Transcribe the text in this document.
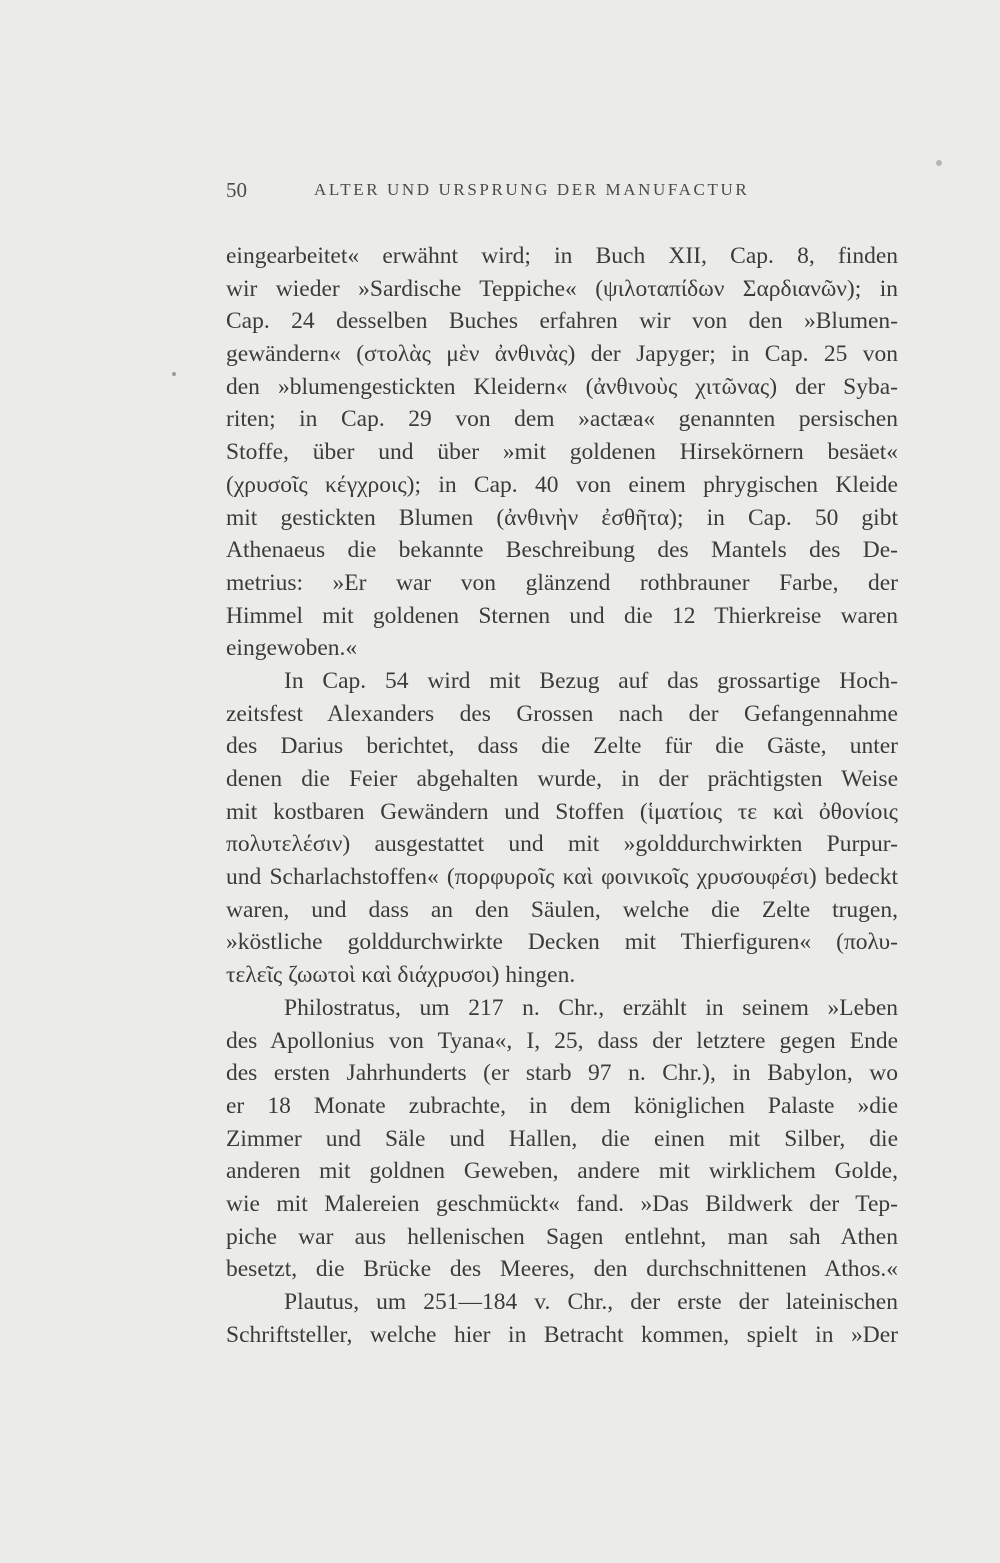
50	ALTER UND URSPRUNG DER MANUFACTUR
eingearbeitet« erwähnt wird; in Buch XII, Cap. 8, finden
wir wieder »Sardische Teppiche« (ψιλοταπίδων Σαρδιανῶν); in
Cap. 24 desselben Buches erfahren wir von den »Blumen-
gewändern« (στολὰς μὲν ἀνθινὰς) der Japyger; in Cap. 25 von
den »blumengestickten Kleidern« (ἀνθινοὺς χιτῶνας) der Syba-
riten; in Cap. 29 von dem »actæa« genannten persischen
Stoffe, über und über »mit goldenen Hirsekörnern besäet«
(χρυσοῖς κέγχροις); in Cap. 40 von einem phrygischen Kleide
mit gestickten Blumen (ἀνθινὴν ἐσθῆτα); in Cap. 50 gibt
Athenaeus die bekannte Beschreibung des Mantels des De-
metrius: »Er war von glänzend rothbrauner Farbe, der
Himmel mit goldenen Sternen und die 12 Thierkreise waren
eingewoben.«
In Cap. 54 wird mit Bezug auf das grossartige Hoch-
zeitsfest Alexanders des Grossen nach der Gefangennahme
des Darius berichtet, dass die Zelte für die Gäste, unter
denen die Feier abgehalten wurde, in der prächtigsten Weise
mit kostbaren Gewändern und Stoffen (ἱματίοις τε καὶ ὀθονίοις
πολυτελέσιν) ausgestattet und mit »golddurchwirkten Purpur-
und Scharlachstoffen« (πορφυροῖς καὶ φοινικοῖς χρυσουφέσι) bedeckt
waren, und dass an den Säulen, welche die Zelte trugen,
»köstliche golddurchwirkte Decken mit Thierfiguren« (πολυ-
τελεῖς ζωωτοὶ καὶ διάχρυσοι) hingen.
Philostratus, um 217 n. Chr., erzählt in seinem »Leben
des Apollonius von Tyana«, I, 25, dass der letztere gegen Ende
des ersten Jahrhunderts (er starb 97 n. Chr.), in Babylon, wo
er 18 Monate zubrachte, in dem königlichen Palaste »die
Zimmer und Säle und Hallen, die einen mit Silber, die
anderen mit goldnen Geweben, andere mit wirklichem Golde,
wie mit Malereien geschmückt« fand. »Das Bildwerk der Tep-
piche war aus hellenischen Sagen entlehnt, man sah Athen
besetzt, die Brücke des Meeres, den durchschnittenen Athos.«
Plautus, um 251—184 v. Chr., der erste der lateinischen
Schriftsteller, welche hier in Betracht kommen, spielt in »Der
